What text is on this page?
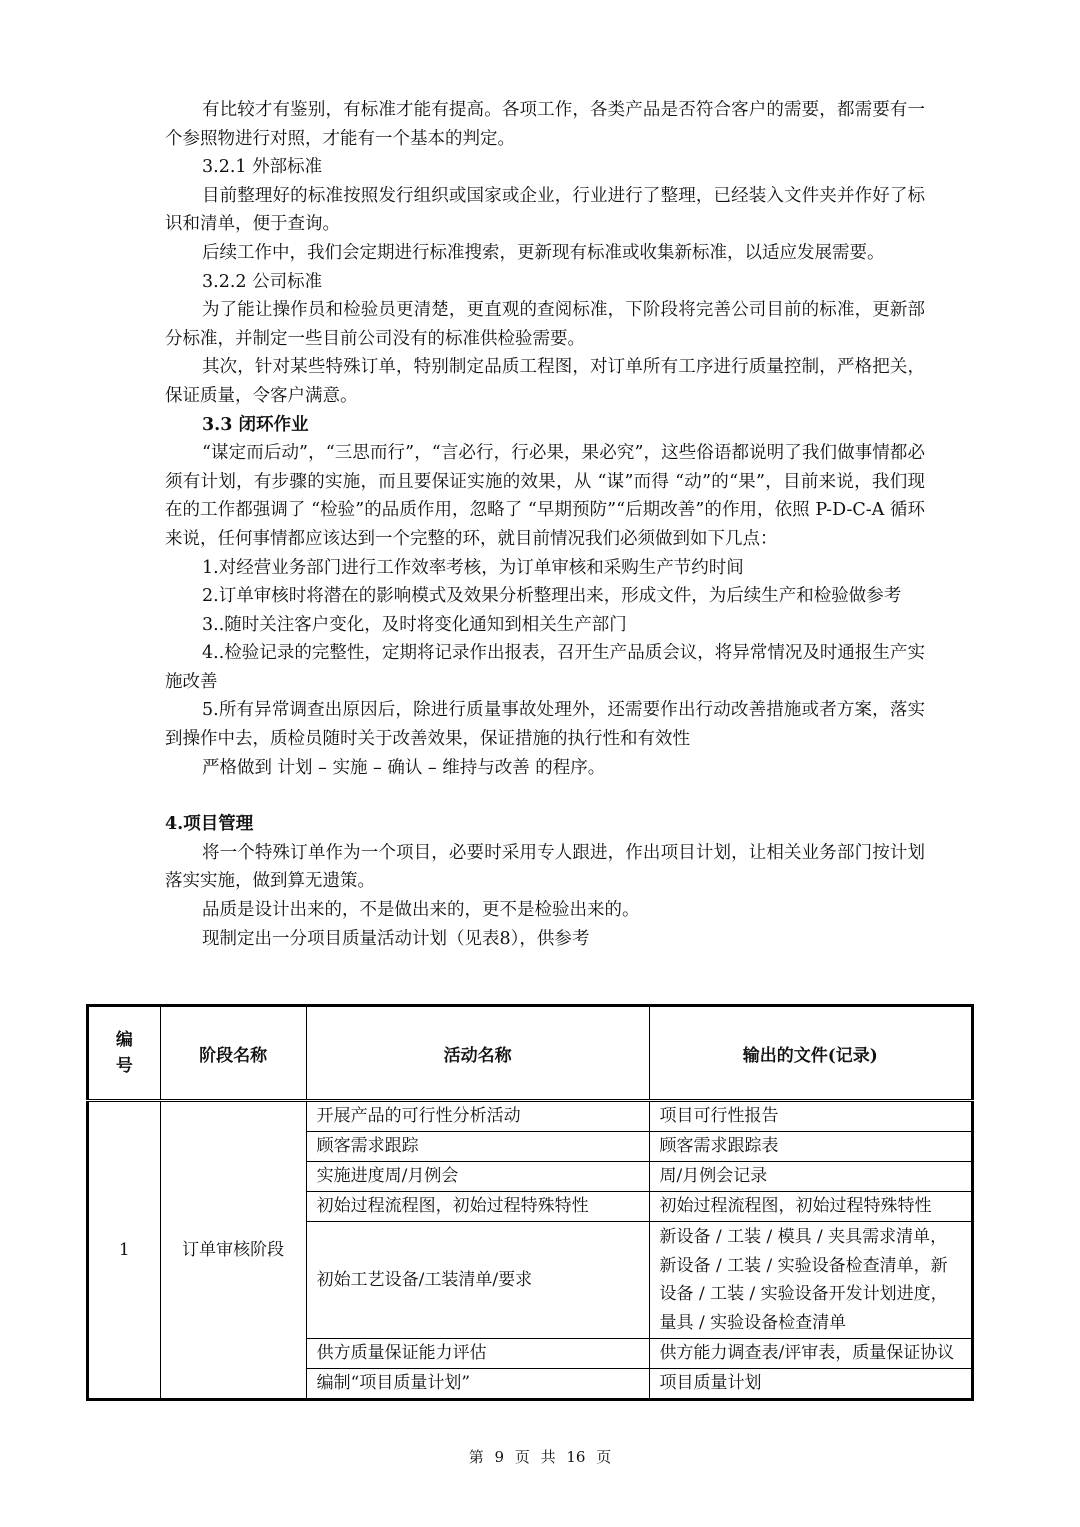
有比较才有鉴别，有标准才能有提高。各项工作，各类产品是否符合客户的需要，都需要有一个参照物进行对照，才能有一个基本的判定。

3.2.1 外部标准

目前整理好的标准按照发行组织或国家或企业，行业进行了整理，已经装入文件夹并作好了标识和清单，便于查询。

后续工作中，我们会定期进行标准搜索，更新现有标准或收集新标准，以适应发展需要。

3.2.2 公司标准

为了能让操作员和检验员更清楚，更直观的查阅标准，下阶段将完善公司目前的标准，更新部分标准，并制定一些目前公司没有的标准供检验需要。

其次，针对某些特殊订单，特别制定品质工程图，对订单所有工序进行质量控制，严格把关，保证质量，令客户满意。

3.3 闭环作业

“谋定而后动”，“三思而行”，“言必行，行必果，果必究”，这些俗语都说明了我们做事情都必须有计划，有步骤的实施，而且要保证实施的效果，从 “谋”而得 “动”的“果”，目前来说，我们现在的工作都强调了 “检验”的品质作用，忽略了 “早期预防”“后期改善”的作用，依照 P-D-C-A 循环来说，任何事情都应该达到一个完整的环，就目前情况我们必须做到如下几点：

1.对经营业务部门进行工作效率考核，为订单审核和采购生产节约时间

2.订单审核时将潜在的影响模式及效果分析整理出来，形成文件，为后续生产和检验做参考

3..随时关注客户变化，及时将变化通知到相关生产部门

4..检验记录的完整性，定期将记录作出报表，召开生产品质会议，将异常情况及时通报生产实施改善

5.所有异常调查出原因后，除进行质量事故处理外，还需要作出行动改善措施或者方案，落实到操作中去，质检员随时关于改善效果，保证措施的执行性和有效性

严格做到 计划 – 实施 – 确认 – 维持与改善 的程序。

4.项目管理

将一个特殊订单作为一个项目，必要时采用专人跟进，作出项目计划，让相关业务部门按计划落实实施，做到算无遗策。

品质是设计出来的，不是做出来的，更不是检验出来的。

现制定出一分项目质量活动计划（见表8），供参考

编
号	阶段名称	活动名称	输出的文件(记录)
1	订单审核阶段	开展产品的可行性分析活动	项目可行性报告
		顾客需求跟踪	顾客需求跟踪表
		实施进度周/月例会	周/月例会记录
		初始过程流程图，初始过程特殊特性	初始过程流程图，初始过程特殊特性
		初始工艺设备/工装清单/要求	新设备 / 工装 / 模具 / 夹具需求清单，新设备 / 工装 / 实验设备检查清单，新设备 / 工装 / 实验设备开发计划进度，量具 / 实验设备检查清单
		供方质量保证能力评估	供方能力调查表/评审表，质量保证协议
		编制“项目质量计划”	项目质量计划
第 9 页 共 16 页
